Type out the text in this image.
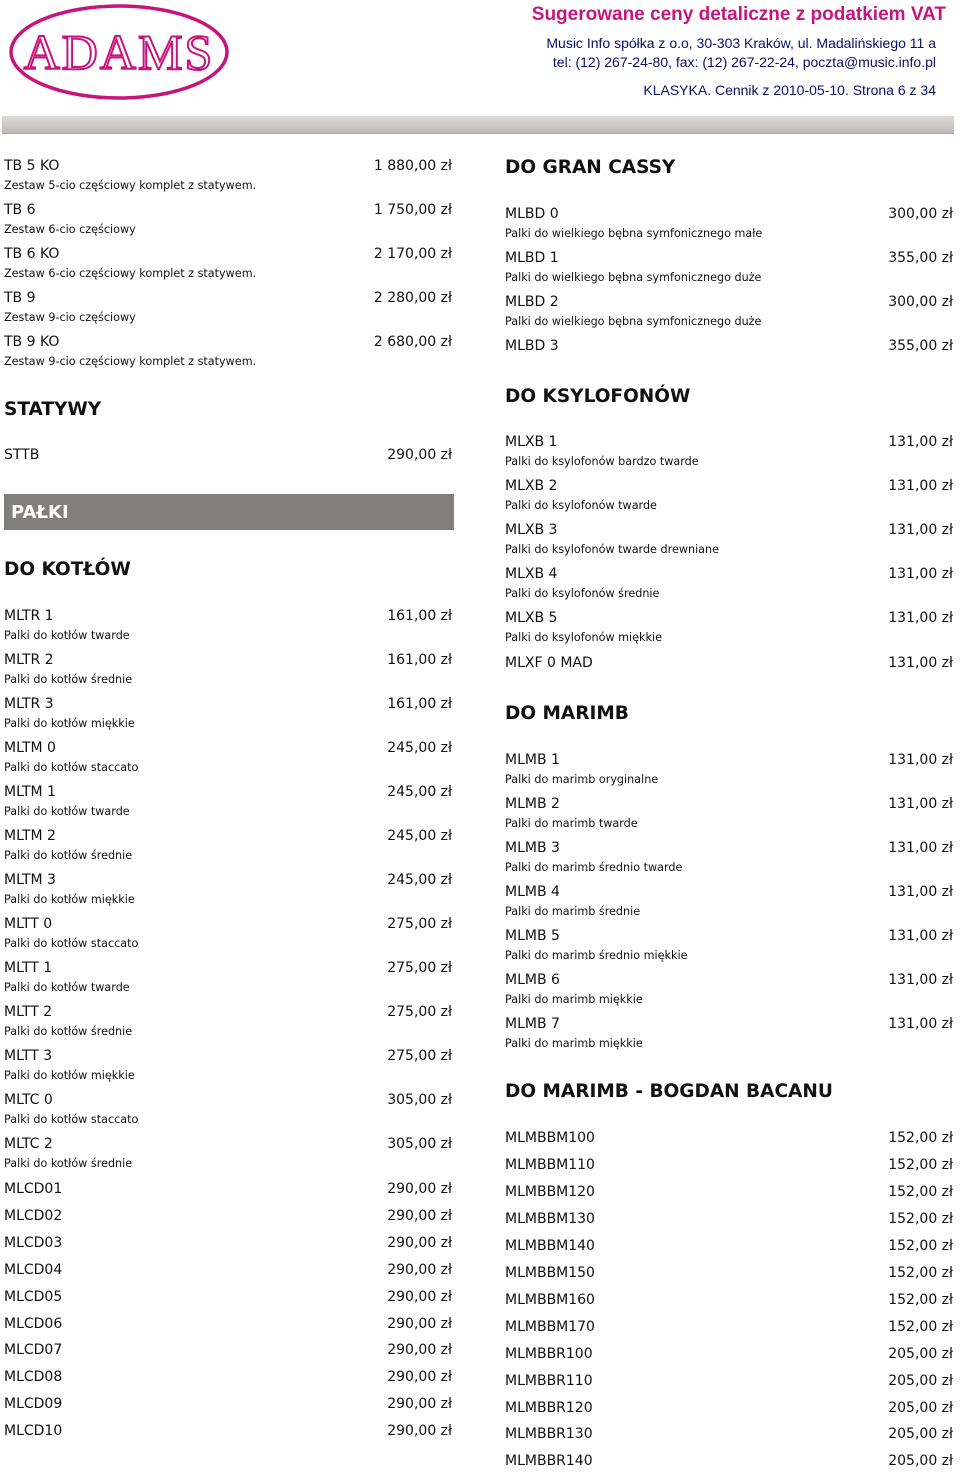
ADAMS
Sugerowane ceny detaliczne z podatkiem VAT
Music Info spółka z o.o, 30-303 Kraków, ul. Madalińskiego 11 a
tel: (12) 267-24-80, fax: (12) 267-22-24, poczta@music.info.pl
KLASYKA. Cennik z 2010-05-10. Strona 6 z 34
TB 5 KO	1 880,00 zł
Zestaw 5-cio częściowy komplet z statywem.
TB 6	1 750,00 zł
Zestaw 6-cio częściowy
TB 6 KO	2 170,00 zł
Zestaw 6-cio częściowy komplet z statywem.
TB 9	2 280,00 zł
Zestaw 9-cio częściowy
TB 9 KO	2 680,00 zł
Zestaw 9-cio częściowy komplet z statywem.
STATYWY
STTB	290,00 zł
PAŁKI
DO KOTŁÓW
MLTR 1	161,00 zł
Palki do kotłów twarde
MLTR 2	161,00 zł
Palki do kotłów średnie
MLTR 3	161,00 zł
Palki do kotłów miękkie
MLTM 0	245,00 zł
Palki do kotłów staccato
MLTM 1	245,00 zł
Palki do kotłów twarde
MLTM 2	245,00 zł
Palki do kotłów średnie
MLTM 3	245,00 zł
Palki do kotłów miękkie
MLTT 0	275,00 zł
Palki do kotłów staccato
MLTT 1	275,00 zł
Palki do kotłów twarde
MLTT 2	275,00 zł
Palki do kotłów średnie
MLTT 3	275,00 zł
Palki do kotłów miękkie
MLTC 0	305,00 zł
Palki do kotłów staccato
MLTC 2	305,00 zł
Palki do kotłów średnie
MLCD01	290,00 zł
MLCD02	290,00 zł
MLCD03	290,00 zł
MLCD04	290,00 zł
MLCD05	290,00 zł
MLCD06	290,00 zł
MLCD07	290,00 zł
MLCD08	290,00 zł
MLCD09	290,00 zł
MLCD10	290,00 zł
DO GRAN CASSY
MLBD 0	300,00 zł
Palki do wielkiego bębna symfonicznego małe
MLBD 1	355,00 zł
Palki do wielkiego bębna symfonicznego duże
MLBD 2	300,00 zł
Palki do wielkiego bębna symfonicznego duże
MLBD 3	355,00 zł
DO KSYLOFONÓW
MLXB 1	131,00 zł
Palki do ksylofonów bardzo twarde
MLXB 2	131,00 zł
Palki do ksylofonów twarde
MLXB 3	131,00 zł
Palki do ksylofonów twarde drewniane
MLXB 4	131,00 zł
Palki do ksylofonów średnie
MLXB 5	131,00 zł
Palki do ksylofonów miękkie
MLXF 0 MAD	131,00 zł
DO MARIMB
MLMB 1	131,00 zł
Palki do marimb oryginalne
MLMB 2	131,00 zł
Palki do marimb twarde
MLMB 3	131,00 zł
Palki do marimb średnio twarde
MLMB 4	131,00 zł
Palki do marimb średnie
MLMB 5	131,00 zł
Palki do marimb średnio miękkie
MLMB 6	131,00 zł
Palki do marimb miękkie
MLMB 7	131,00 zł
Palki do marimb miękkie
DO MARIMB - BOGDAN BACANU
MLMBBM100	152,00 zł
MLMBBM110	152,00 zł
MLMBBM120	152,00 zł
MLMBBM130	152,00 zł
MLMBBM140	152,00 zł
MLMBBM150	152,00 zł
MLMBBM160	152,00 zł
MLMBBM170	152,00 zł
MLMBBR100	205,00 zł
MLMBBR110	205,00 zł
MLMBBR120	205,00 zł
MLMBBR130	205,00 zł
MLMBBR140	205,00 zł
